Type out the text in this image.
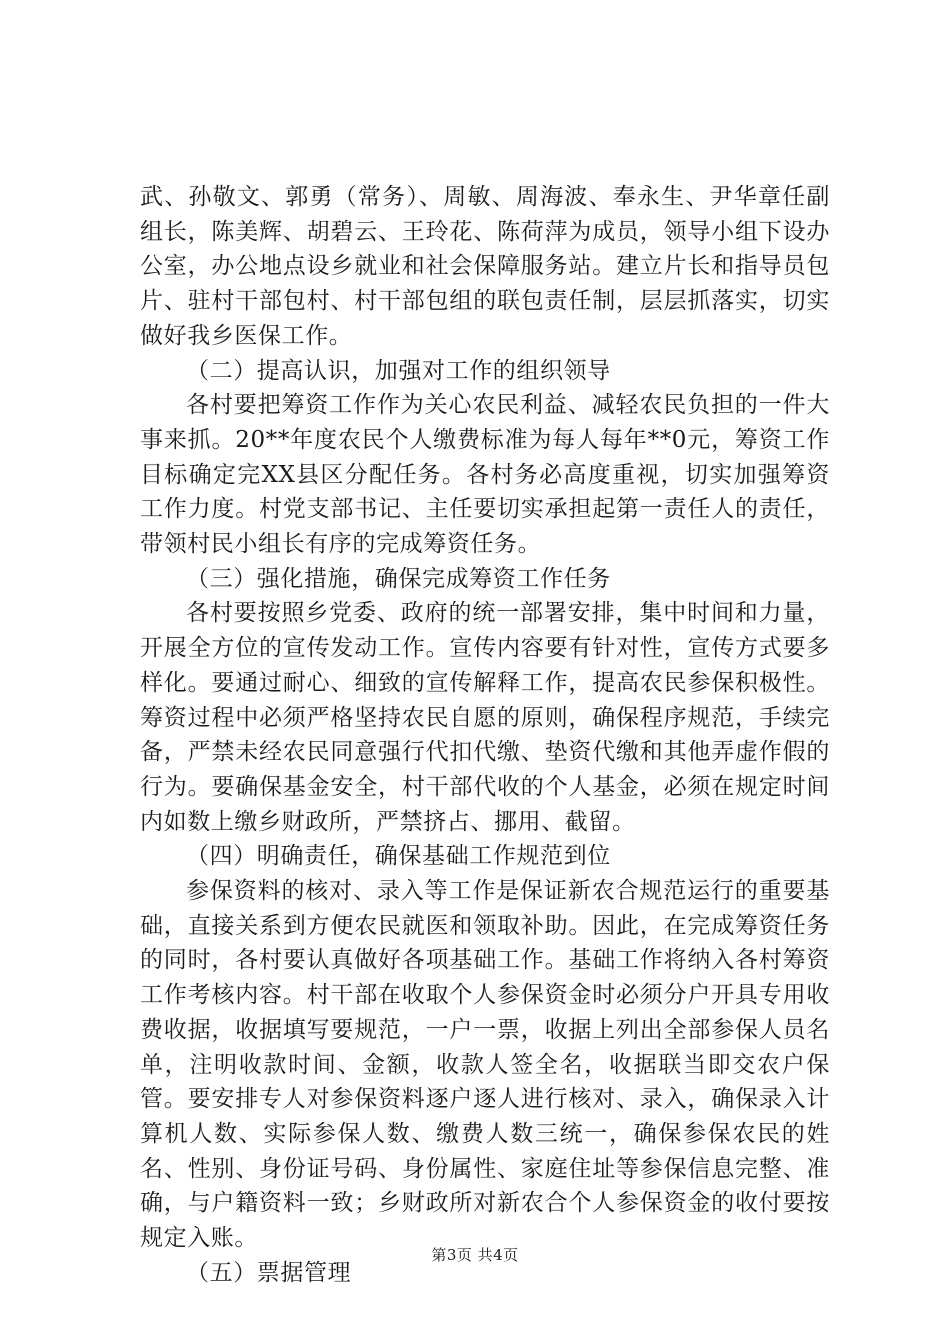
武、孙敬文、郭勇（常务）、周敏、周海波、奉永生、尹华章任副组长，陈美辉、胡碧云、王玲花、陈荷萍为成员，领导小组下设办公室，办公地点设乡就业和社会保障服务站。建立片长和指导员包片、驻村干部包村、村干部包组的联包责任制，层层抓落实，切实做好我乡医保工作。

（二）提高认识，加强对工作的组织领导

各村要把筹资工作作为关心农民利益、减轻农民负担的一件大事来抓。20**年度农民个人缴费标准为每人每年**0元，筹资工作目标确定完XX县区分配任务。各村务必高度重视，切实加强筹资工作力度。村党支部书记、主任要切实承担起第一责任人的责任，带领村民小组长有序的完成筹资任务。

（三）强化措施，确保完成筹资工作任务

各村要按照乡党委、政府的统一部署安排，集中时间和力量，开展全方位的宣传发动工作。宣传内容要有针对性，宣传方式要多样化。要通过耐心、细致的宣传解释工作，提高农民参保积极性。筹资过程中必须严格坚持农民自愿的原则，确保程序规范，手续完备，严禁未经农民同意强行代扣代缴、垫资代缴和其他弄虚作假的行为。要确保基金安全，村干部代收的个人基金，必须在规定时间内如数上缴乡财政所，严禁挤占、挪用、截留。

（四）明确责任，确保基础工作规范到位

参保资料的核对、录入等工作是保证新农合规范运行的重要基础，直接关系到方便农民就医和领取补助。因此，在完成筹资任务的同时，各村要认真做好各项基础工作。基础工作将纳入各村筹资工作考核内容。村干部在收取个人参保资金时必须分户开具专用收费收据，收据填写要规范，一户一票，收据上列出全部参保人员名单，注明收款时间、金额，收款人签全名，收据联当即交农户保管。要安排专人对参保资料逐户逐人进行核对、录入，确保录入计算机人数、实际参保人数、缴费人数三统一，确保参保农民的姓名、性别、身份证号码、身份属性、家庭住址等参保信息完整、准确，与户籍资料一致；乡财政所对新农合个人参保资金的收付要按规定入账。

（五）票据管理

第3页 共4页
